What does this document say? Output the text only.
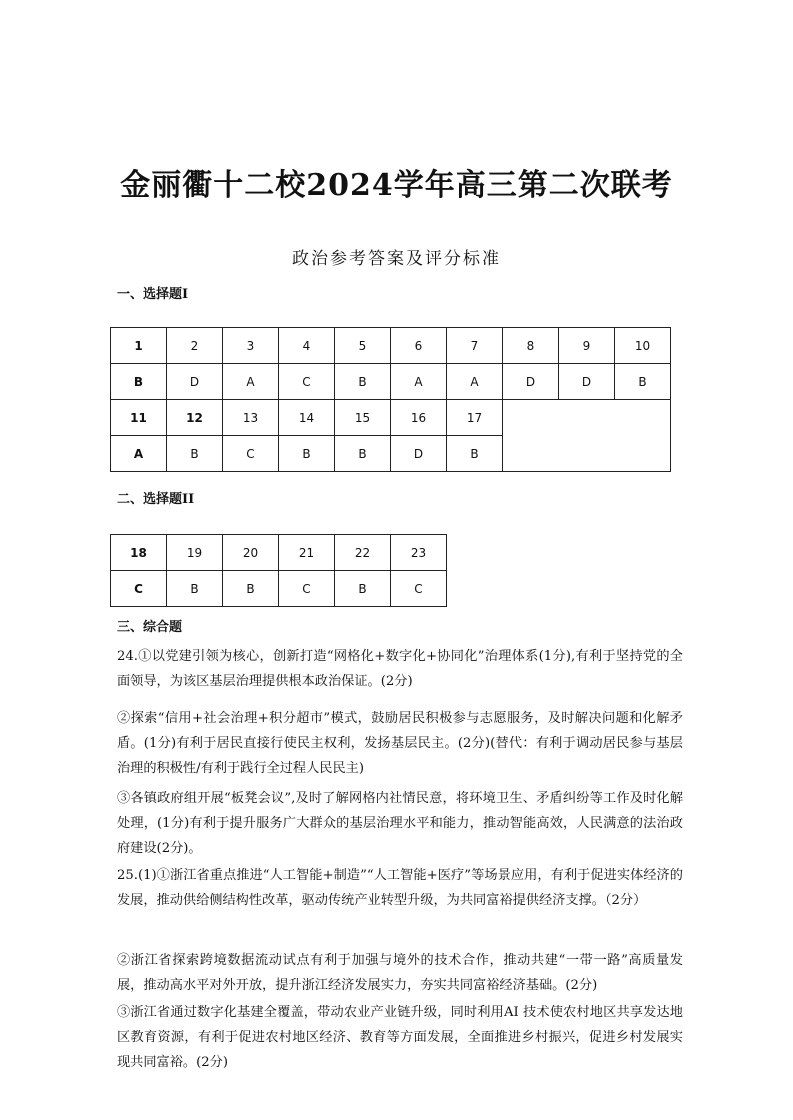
金丽衢十二校2024学年高三第二次联考
政治参考答案及评分标准
一、选择题I
1	2	3	4	5	6	7	8	9	10
B	D	A	C	B	A	A	D	D	B
11	12	13	14	15	16	17			
A	B	C	B	B	D	B			
二、选择题II
18	19	20	21	22	23
C	B	B	C	B	C
三、综合题
24.①以党建引领为核心，创新打造“网格化+数字化+协同化”治理体系(1分),有利于坚持党的全面领导，为该区基层治理提供根本政治保证。(2分)
②探索“信用+社会治理+积分超市”模式，鼓励居民积极参与志愿服务，及时解决问题和化解矛盾。(1分)有利于居民直接行使民主权利，发扬基层民主。(2分)(替代：有利于调动居民参与基层治理的积极性/有利于践行全过程人民民主)
③各镇政府组开展“板凳会议”,及时了解网格内社情民意，将环境卫生、矛盾纠纷等工作及时化解处理，(1分)有利于提升服务广大群众的基层治理水平和能力，推动智能高效，人民满意的法治政府建设(2分)。
25.(1)①浙江省重点推进“人工智能+制造”“人工智能+医疗”等场景应用，有利于促进实体经济的发展，推动供给侧结构性改革，驱动传统产业转型升级，为共同富裕提供经济支撑。（2分）
②浙江省探索跨境数据流动试点有利于加强与境外的技术合作，推动共建“一带一路”高质量发展，推动高水平对外开放，提升浙江经济发展实力，夯实共同富裕经济基础。(2分)
③浙江省通过数字化基建全覆盖，带动农业产业链升级，同时利用AI 技术使农村地区共享发达地区教育资源，有利于促进农村地区经济、教育等方面发展，全面推进乡村振兴，促进乡村发展实现共同富裕。(2分)
